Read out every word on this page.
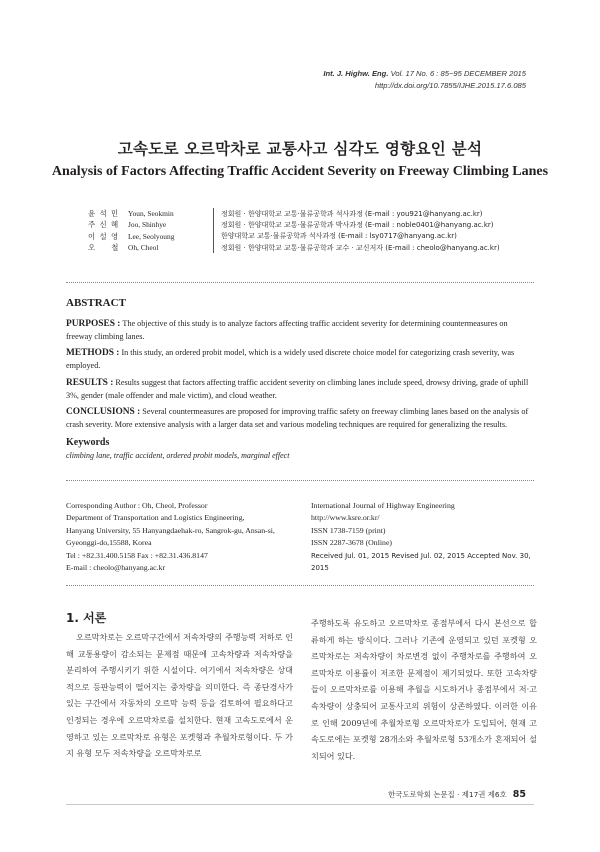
Int. J. Highw. Eng. Vol. 17 No. 6 : 85~95 DECEMBER 2015
http://dx.doi.org/10.7855/IJHE.2015.17.6.085
고속도로 오르막차로 교통사고 심각도 영향요인 분석
Analysis of Factors Affecting Traffic Accident Severity on Freeway Climbing Lanes
윤 석 민	Youn, Seokmin		정회원 · 한양대학교 교통·물류공학과 석사과정 (E-mail : you921@hanyang.ac.kr)
주 신 혜	Joo, Shinhye		정회원 · 한양대학교 교통·물류공학과 박사과정 (E-mail : noble0401@hanyang.ac.kr)
이 설 영	Lee, Seolyoung		한양대학교 교통·물류공학과 석사과정 (E-mail : lsy0717@hanyang.ac.kr)
오 　 철	Oh, Cheol		정회원 · 한양대학교 교통·물류공학과 교수 · 교신저자 (E-mail : cheolo@hanyang.ac.kr)
ABSTRACT
PURPOSES : The objective of this study is to analyze factors affecting traffic accident severity for determining countermeasures on freeway climbing lanes.
METHODS : In this study, an ordered probit model, which is a widely used discrete choice model for categorizing crash severity, was employed.
RESULTS : Results suggest that factors affecting traffic accident severity on climbing lanes include speed, drowsy driving, grade of uphill 3%, gender (male offender and male victim), and cloud weather.
CONCLUSIONS : Several countermeasures are proposed for improving traffic safety on freeway climbing lanes based on the analysis of crash severity. More extensive analysis with a larger data set and various modeling techniques are required for generalizing the results.
Keywords
climbing lane, traffic accident, ordered probit models, marginal effect
Corresponding Author : Oh, Cheol, Professor
Department of Transportation and Logistics Engineering,
Hanyang University, 55 Hanyangdaehak-ro, Sangrok-gu, Ansan-si,
Gyeonggi-do,15588, Korea
Tel : +82.31.400.5158 Fax : +82.31.436.8147
E-mail : cheolo@hanyang.ac.kr
International Journal of Highway Engineering
http://www.ksre.or.kr/
ISSN 1738-7159 (print)
ISSN 2287-3678 (Online)
Received Jul. 01, 2015 Revised Jul. 02, 2015 Accepted Nov. 30, 2015
1. 서론
오르막차로는 오르막구간에서 저속차량의 주행능력 저하로 인해 교통용량이 감소되는 문제점 때문에 고속차량과 저속차량을 분리하여 주행시키기 위한 시설이다. 여기에서 저속차량은 상대적으로 등판능력이 떨어지는 중차량을 의미한다. 즉 종단경사가 있는 구간에서 자동차의 오르막 능력 등을 검토하여 필요하다고 인정되는 경우에 오르막차로를 설치한다. 현재 고속도로에서 운영하고 있는 오르막차로 유형은 포켓형과 추월차로형이다. 두 가지 유형 모두 저속차량을 오르막차로로
주행하도록 유도하고 오르막차로 종점부에서 다시 본선으로 합류하게 하는 방식이다. 그러나 기존에 운영되고 있던 포켓형 오르막차로는 저속차량이 차로변경 없이 주행차로를 주행하여 오르막차로 이용률이 저조한 문제점이 제기되었다. 또한 고속차량들이 오르막차로를 이용해 추월을 시도하거나 종점부에서 저·고속차량이 상충되어 교통사고의 위험이 상존하였다. 이러한 이유로 인해 2009년에 추월차로형 오르막차로가 도입되어, 현재 고속도로에는 포켓형 28개소와 추월차로형 53개소가 혼재되어 설치되어 있다.
한국도로학회 논문집 · 제17권 제6호 85
